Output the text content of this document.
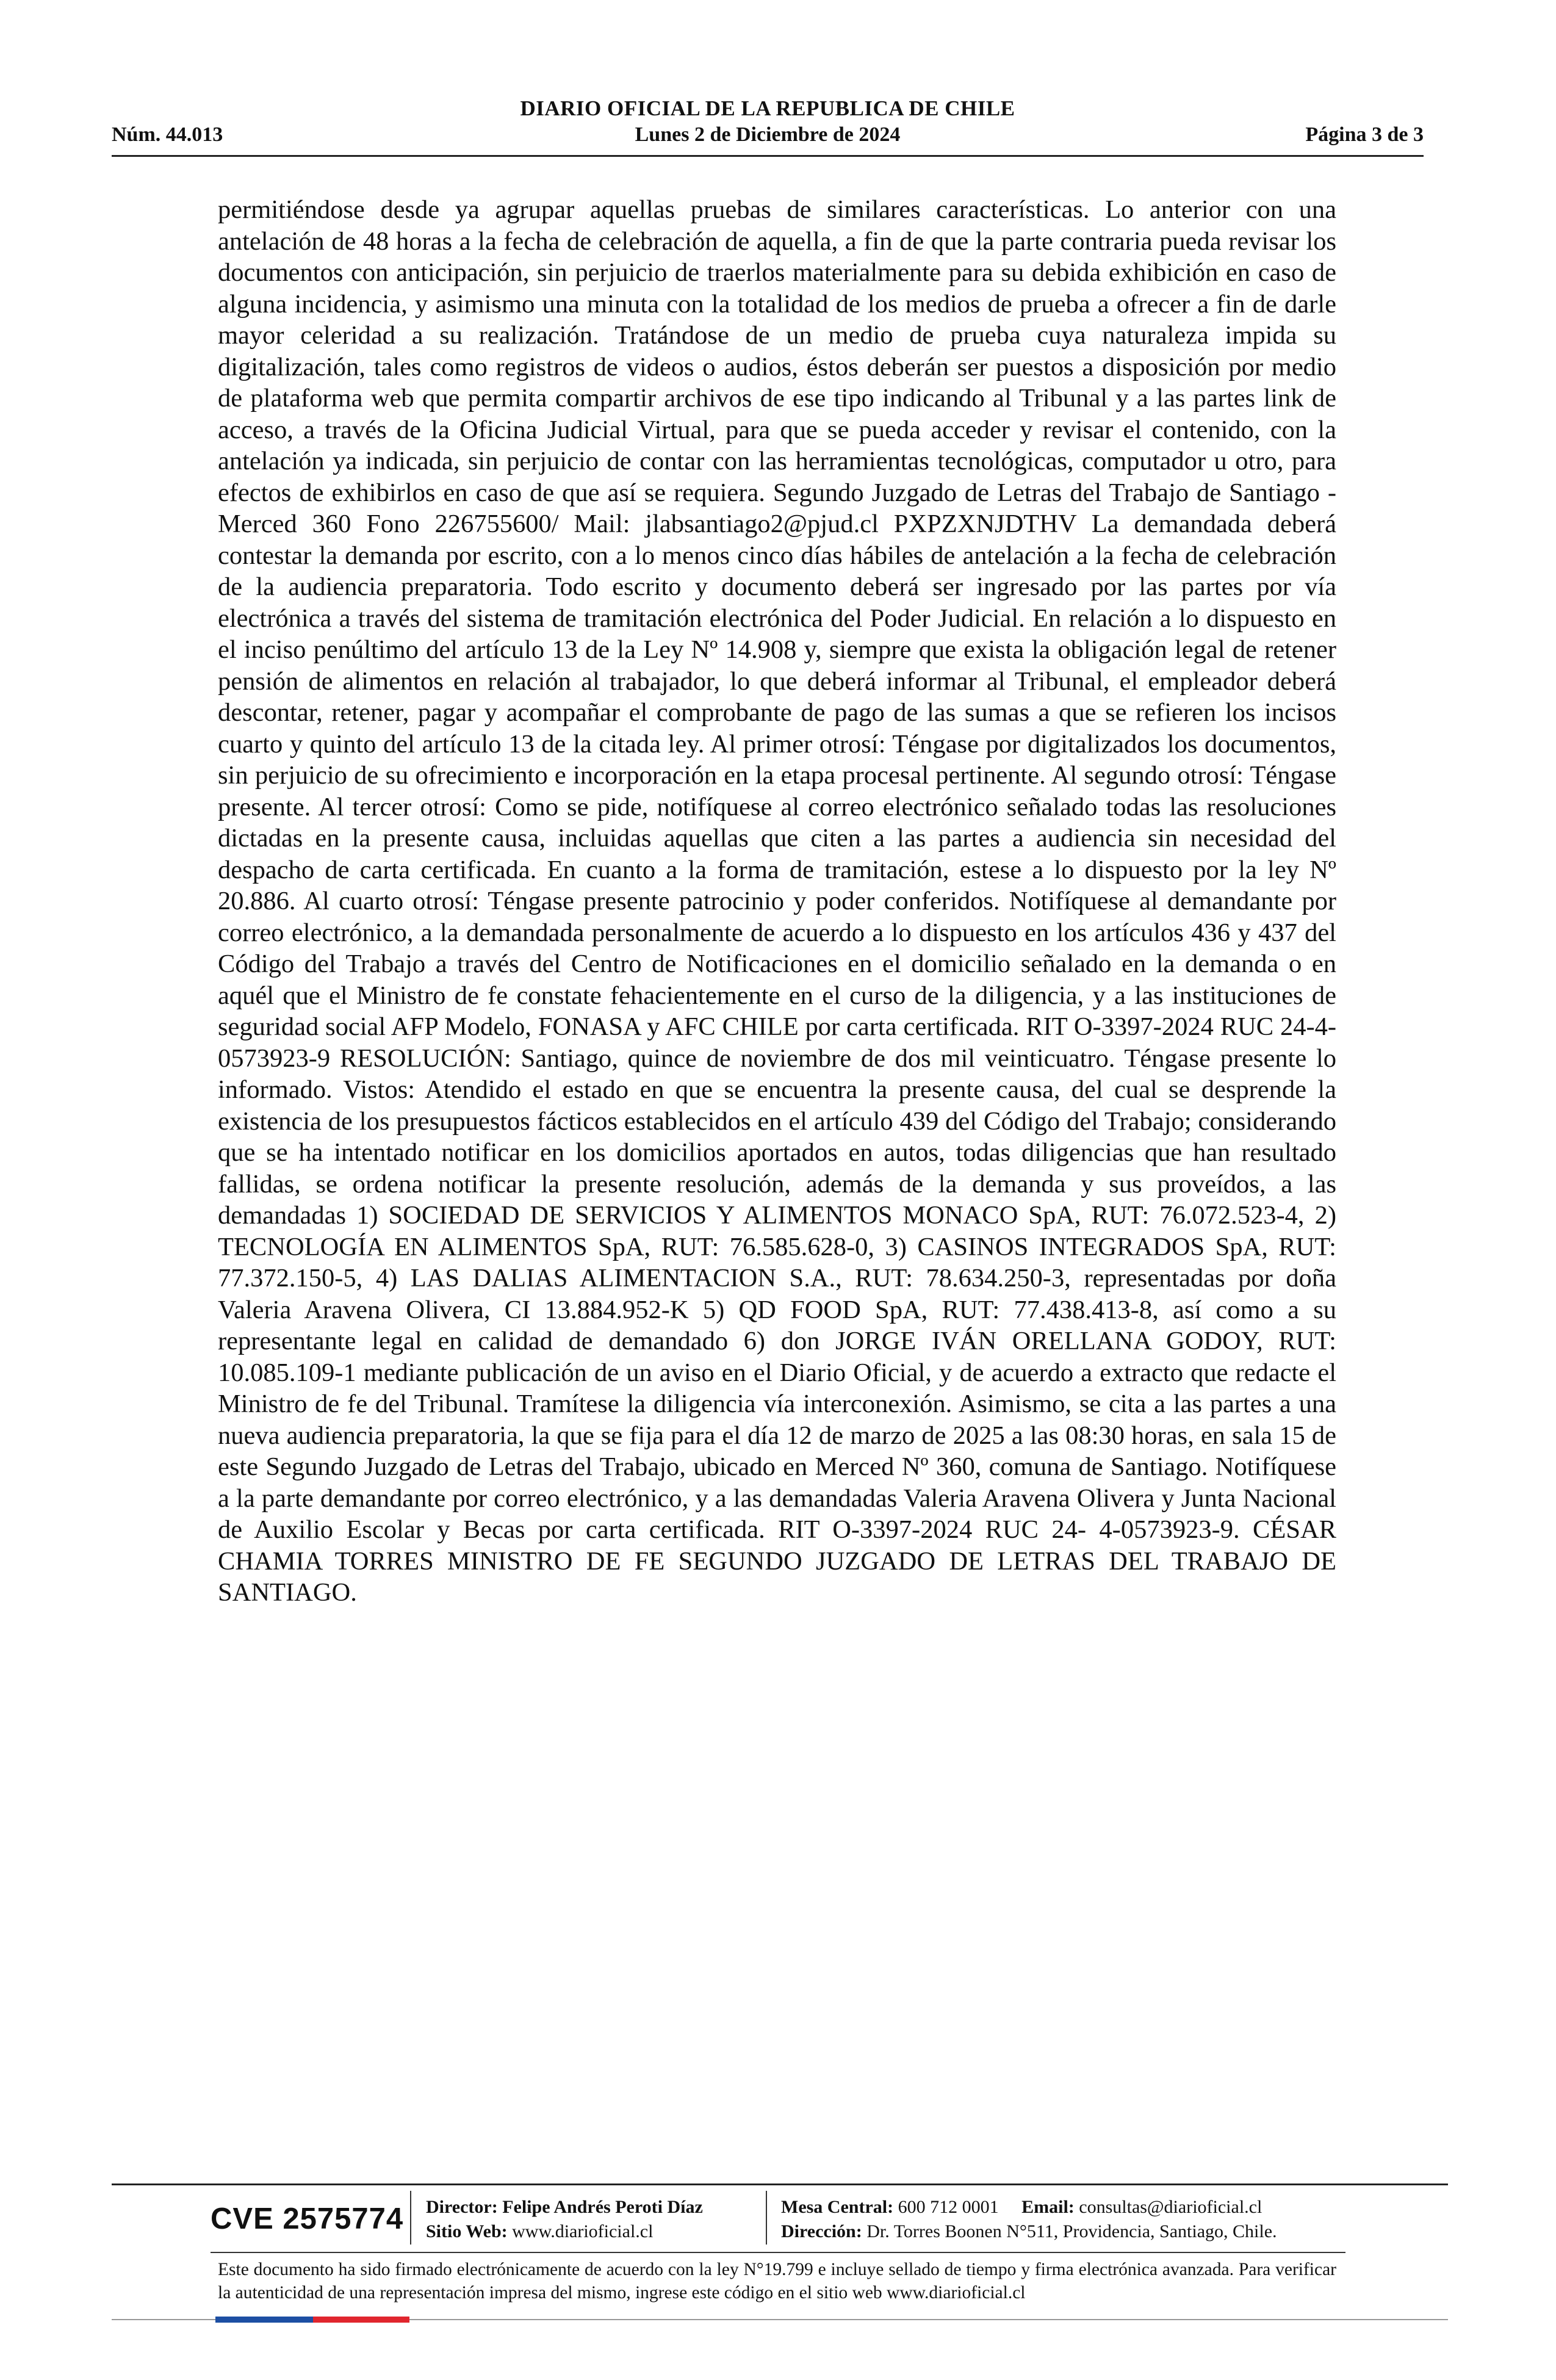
DIARIO OFICIAL DE LA REPUBLICA DE CHILE
Núm. 44.013	Lunes 2 de Diciembre de 2024	Página 3 de 3

permitiéndose desde ya agrupar aquellas pruebas de similares características. Lo anterior con una antelación de 48 horas a la fecha de celebración de aquella, a fin de que la parte contraria pueda revisar los documentos con anticipación, sin perjuicio de traerlos materialmente para su debida exhibición en caso de alguna incidencia, y asimismo una minuta con la totalidad de los medios de prueba a ofrecer a fin de darle mayor celeridad a su realización. Tratándose de un medio de prueba cuya naturaleza impida su digitalización, tales como registros de videos o audios, éstos deberán ser puestos a disposición por medio de plataforma web que permita compartir archivos de ese tipo indicando al Tribunal y a las partes link de acceso, a través de la Oficina Judicial Virtual, para que se pueda acceder y revisar el contenido, con la antelación ya indicada, sin perjuicio de contar con las herramientas tecnológicas, computador u otro, para efectos de exhibirlos en caso de que así se requiera. Segundo Juzgado de Letras del Trabajo de Santiago - Merced 360 Fono 226755600/ Mail: jlabsantiago2@pjud.cl PXPZXNJDTHV La demandada deberá contestar la demanda por escrito, con a lo menos cinco días hábiles de antelación a la fecha de celebración de la audiencia preparatoria. Todo escrito y documento deberá ser ingresado por las partes por vía electrónica a través del sistema de tramitación electrónica del Poder Judicial. En relación a lo dispuesto en el inciso penúltimo del artículo 13 de la Ley Nº 14.908 y, siempre que exista la obligación legal de retener pensión de alimentos en relación al trabajador, lo que deberá informar al Tribunal, el empleador deberá descontar, retener, pagar y acompañar el comprobante de pago de las sumas a que se refieren los incisos cuarto y quinto del artículo 13 de la citada ley. Al primer otrosí: Téngase por digitalizados los documentos, sin perjuicio de su ofrecimiento e incorporación en la etapa procesal pertinente. Al segundo otrosí: Téngase presente. Al tercer otrosí: Como se pide, notifíquese al correo electrónico señalado todas las resoluciones dictadas en la presente causa, incluidas aquellas que citen a las partes a audiencia sin necesidad del despacho de carta certificada. En cuanto a la forma de tramitación, estese a lo dispuesto por la ley Nº 20.886. Al cuarto otrosí: Téngase presente patrocinio y poder conferidos. Notifíquese al demandante por correo electrónico, a la demandada personalmente de acuerdo a lo dispuesto en los artículos 436 y 437 del Código del Trabajo a través del Centro de Notificaciones en el domicilio señalado en la demanda o en aquél que el Ministro de fe constate fehacientemente en el curso de la diligencia, y a las instituciones de seguridad social AFP Modelo, FONASA y AFC CHILE por carta certificada. RIT O-3397-2024 RUC 24-4-0573923-9 RESOLUCIÓN: Santiago, quince de noviembre de dos mil veinticuatro. Téngase presente lo informado. Vistos: Atendido el estado en que se encuentra la presente causa, del cual se desprende la existencia de los presupuestos fácticos establecidos en el artículo 439 del Código del Trabajo; considerando que se ha intentado notificar en los domicilios aportados en autos, todas diligencias que han resultado fallidas, se ordena notificar la presente resolución, además de la demanda y sus proveídos, a las demandadas 1) SOCIEDAD DE SERVICIOS Y ALIMENTOS MONACO SpA, RUT: 76.072.523-4, 2) TECNOLOGÍA EN ALIMENTOS SpA, RUT: 76.585.628-0, 3) CASINOS INTEGRADOS SpA, RUT: 77.372.150-5, 4) LAS DALIAS ALIMENTACION S.A., RUT: 78.634.250-3, representadas por doña Valeria Aravena Olivera, CI 13.884.952-K 5) QD FOOD SpA, RUT: 77.438.413-8, así como a su representante legal en calidad de demandado 6) don JORGE IVÁN ORELLANA GODOY, RUT: 10.085.109-1 mediante publicación de un aviso en el Diario Oficial, y de acuerdo a extracto que redacte el Ministro de fe del Tribunal. Tramítese la diligencia vía interconexión. Asimismo, se cita a las partes a una nueva audiencia preparatoria, la que se fija para el día 12 de marzo de 2025 a las 08:30 horas, en sala 15 de este Segundo Juzgado de Letras del Trabajo, ubicado en Merced Nº 360, comuna de Santiago. Notifíquese a la parte demandante por correo electrónico, y a las demandadas Valeria Aravena Olivera y Junta Nacional de Auxilio Escolar y Becas por carta certificada. RIT O-3397-2024 RUC 24- 4-0573923-9. CÉSAR CHAMIA TORRES MINISTRO DE FE SEGUNDO JUZGADO DE LETRAS DEL TRABAJO DE SANTIAGO.

CVE 2575774 Director: Felipe Andrés Peroti Díaz
Sitio Web: www.diarioficial.cl
Mesa Central: 600 712 0001 Email: consultas@diarioficial.cl
Dirección: Dr. Torres Boonen N°511, Providencia, Santiago, Chile.
Este documento ha sido firmado electrónicamente de acuerdo con la ley N°19.799 e incluye sellado de tiempo y firma electrónica avanzada. Para verificar la autenticidad de una representación impresa del mismo, ingrese este código en el sitio web www.diarioficial.cl
